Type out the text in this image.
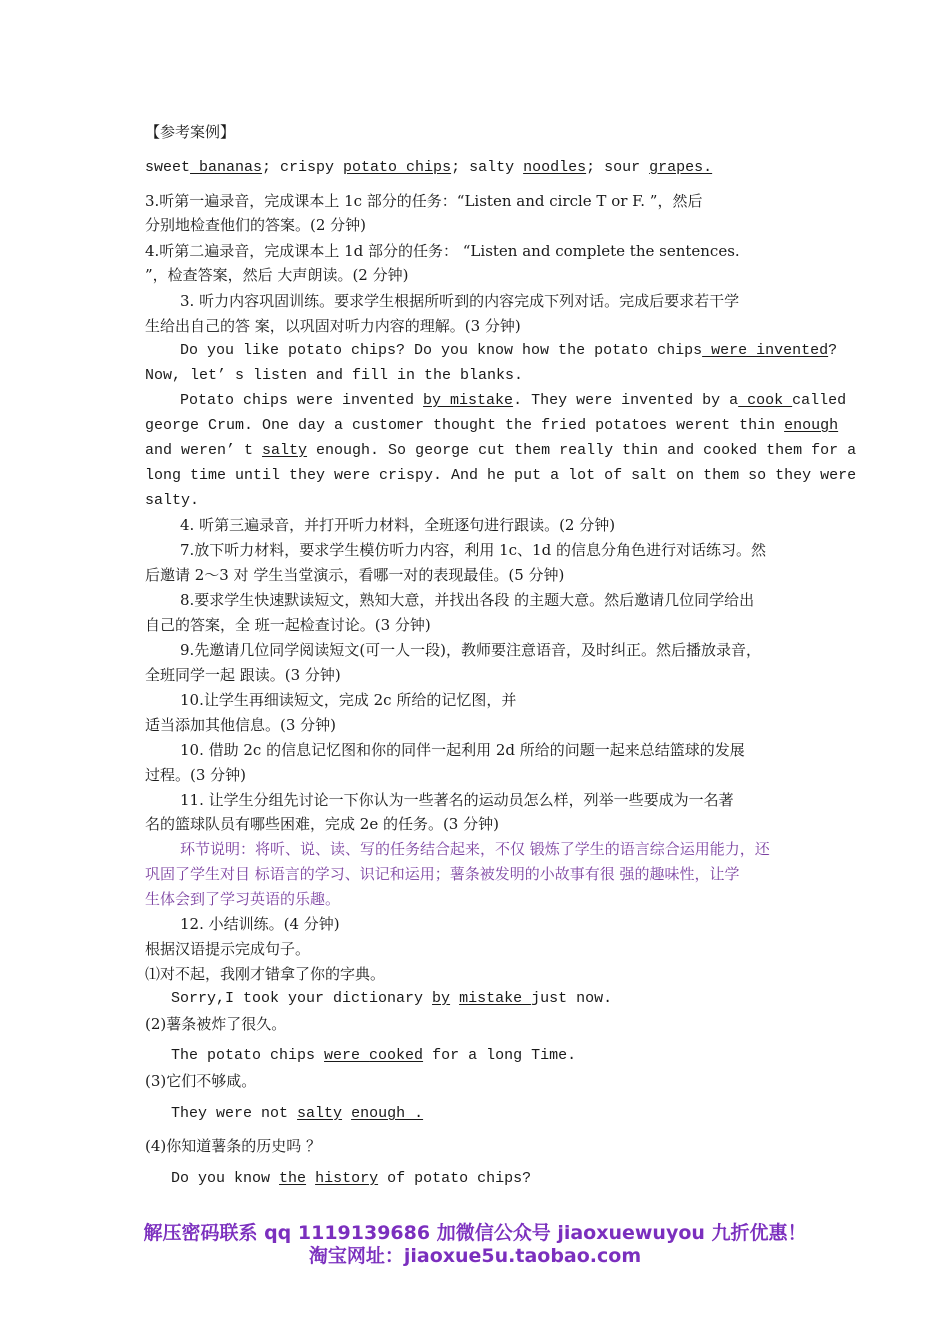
【参考案例】
sweet bananas; crispy potato chips; salty noodles; sour grapes.
3.听第一遍录音，完成课本上 1c 部分的任务：“Listen and circle T or F. ”，然后
分别地检查他们的答案。(2 分钟)
4.听第二遍录音，完成课本上 1d 部分的任务： “Listen and complete the sentences.
”，检查答案，然后 大声朗读。(2 分钟)
3. 听力内容巩固训练。要求学生根据所听到的内容完成下列对话。完成后要求若干学
生给出自己的答 案，以巩固对听力内容的理解。(3 分钟)
Do you like potato chips? Do you know how the potato chips were invented?
Now, let’ s listen and fill in the blanks.
Potato chips were invented by mistake. They were invented by a cook called
george Crum. One day a customer thought the fried potatoes werent thin enough
and weren’ t salty enough. So george cut them really thin and cooked them for a
long time until they were crispy. And he put a lot of salt on them so they were
salty.
4. 听第三遍录音，并打开听力材料，全班逐句进行跟读。(2 分钟)
7.放下听力材料，要求学生模仿听力内容，利用 1c、1d 的信息分角色进行对话练习。然
后邀请 2〜3 对 学生当堂演示，看哪一对的表现最佳。(5 分钟)
8.要求学生快速默读短文，熟知大意，并找出各段 的主题大意。然后邀请几位同学给出
自己的答案，全 班一起检查讨论。(3 分钟)
9.先邀请几位同学阅读短文(可一人一段)，教师要注意语音，及时纠正。然后播放录音，
全班同学一起 跟读。(3 分钟)
10.让学生再细读短文，完成 2c 所给的记忆图，并
适当添加其他信息。(3 分钟)
10. 借助 2c 的信息记忆图和你的同伴一起利用 2d 所给的问题一起来总结篮球的发展
过程。(3 分钟)
11. 让学生分组先讨论一下你认为一些著名的运动员怎么样，列举一些要成为一名著
名的篮球队员有哪些困难，完成 2e 的任务。(3 分钟)
环节说明：将听、说、读、写的任务结合起来，不仅 锻炼了学生的语言综合运用能力，还
巩固了学生对目 标语言的学习、识记和运用；薯条被发明的小故事有很 强的趣味性，让学
生体会到了学习英语的乐趣。
12. 小结训练。(4 分钟)
根据汉语提示完成句子。
⑴对不起，我刚才错拿了你的字典。
Sorry,I took your dictionary by mistake just now.
(2)薯条被炸了很久。
The potato chips were cooked for a long Time.
(3)它们不够咸。
They were not salty enough .
(4)你知道薯条的历史吗 ？
Do you know the history of potato chips?
解压密码联系 qq 1119139686 加微信公众号 jiaoxuewuyou 九折优惠！
淘宝网址：jiaoxue5u.taobao.com
